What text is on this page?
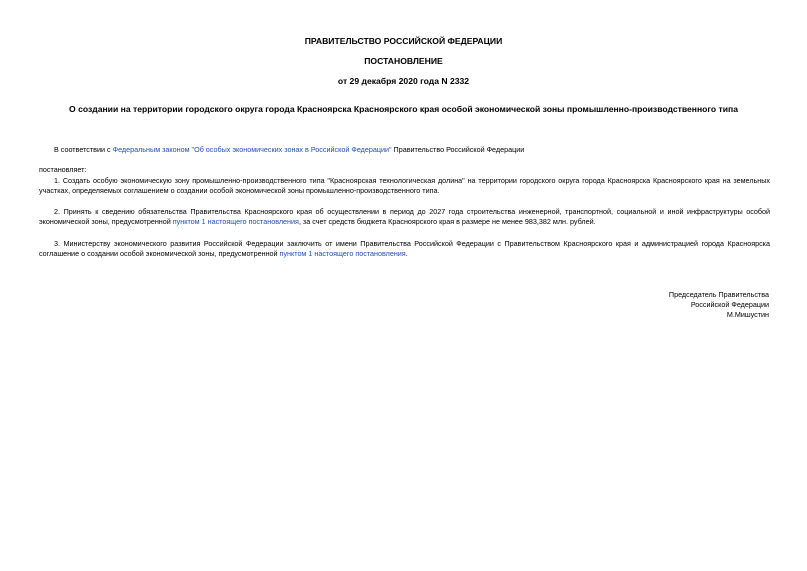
ПРАВИТЕЛЬСТВО РОССИЙСКОЙ ФЕДЕРАЦИИ
ПОСТАНОВЛЕНИЕ
от 29 декабря 2020 года N 2332
О создании на территории городского округа города Красноярска Красноярского края особой экономической зоны промышленно-производственного типа
В соответствии с Федеральным законом "Об особых экономических зонах в Российской Федерации" Правительство Российской Федерации
постановляет:
1. Создать особую экономическую зону промышленно-производственного типа "Красноярская технологическая долина" на территории городского округа города Красноярска Красноярского края на земельных участках, определяемых соглашением о создании особой экономической зоны промышленно-производственного типа.
2. Принять к сведению обязательства Правительства Красноярского края об осуществлении в период до 2027 года строительства инженерной, транспортной, социальной и иной инфраструктуры особой экономической зоны, предусмотренной пунктом 1 настоящего постановления, за счет средств бюджета Красноярского края в размере не менее 983,382 млн. рублей.
3. Министерству экономического развития Российской Федерации заключить от имени Правительства Российской Федерации с Правительством Красноярского края и администрацией города Красноярска соглашение о создании особой экономической зоны, предусмотренной пунктом 1 настоящего постановления.
Председатель Правительства
Российской Федерации
М.Мишустин
